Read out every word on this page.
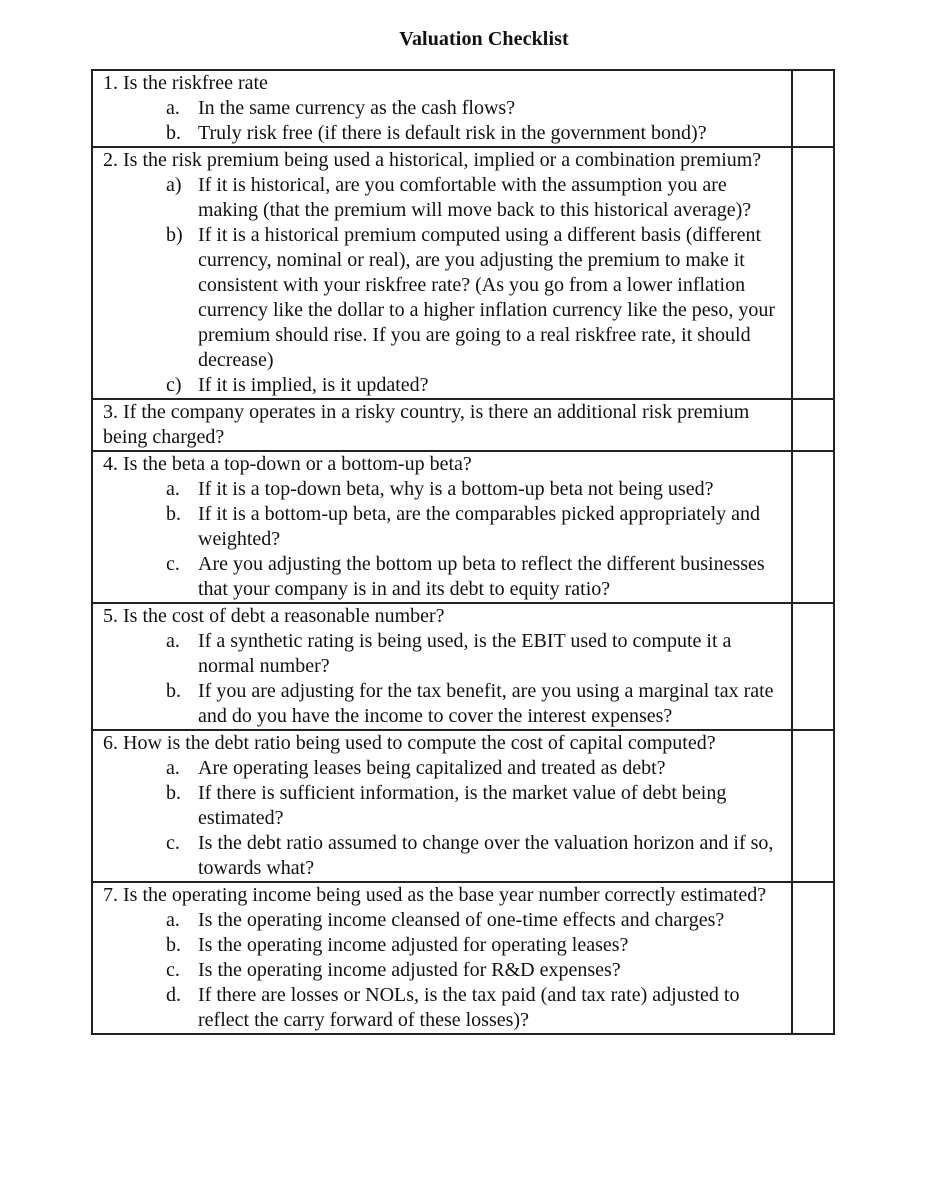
Valuation Checklist
1. Is the riskfree rate
a. In the same currency as the cash flows?
b. Truly risk free (if there is default risk in the government bond)?	

2. Is the risk premium being used a historical, implied or a combination premium?
a) If it is historical, are you comfortable with the assumption you are making (that the premium will move back to this historical average)?
b) If it is a historical premium computed using a different basis (different currency, nominal or real), are you adjusting the premium to make it consistent with your riskfree rate? (As you go from a lower inflation currency like the dollar to a higher inflation currency like the peso, your premium should rise. If you are going to a real riskfree rate, it should decrease)
c) If it is implied, is it updated?	

3. If the company operates in a risky country, is there an additional risk premium being charged?	

4. Is the beta a top-down or a bottom-up beta?
a. If it is a top-down beta, why is a bottom-up beta not being used?
b. If it is a bottom-up beta, are the comparables picked appropriately and weighted?
c. Are you adjusting the bottom up beta to reflect the different businesses that your company is in and its debt to equity ratio?	

5. Is the cost of debt a reasonable number?
a. If a synthetic rating is being used, is the EBIT used to compute it a normal number?
b. If you are adjusting for the tax benefit, are you using a marginal tax rate and do you have the income to cover the interest expenses?	

6. How is the debt ratio being used to compute the cost of capital computed?
a. Are operating leases being capitalized and treated as debt?
b. If there is sufficient information, is the market value of debt being estimated?
c. Is the debt ratio assumed to change over the valuation horizon and if so, towards what?	

7. Is the operating income being used as the base year number correctly estimated?
a. Is the operating income cleansed of one-time effects and charges?
b. Is the operating income adjusted for operating leases?
c. Is the operating income adjusted for R&D expenses?
d. If there are losses or NOLs, is the tax paid (and tax rate) adjusted to reflect the carry forward of these losses)?	
